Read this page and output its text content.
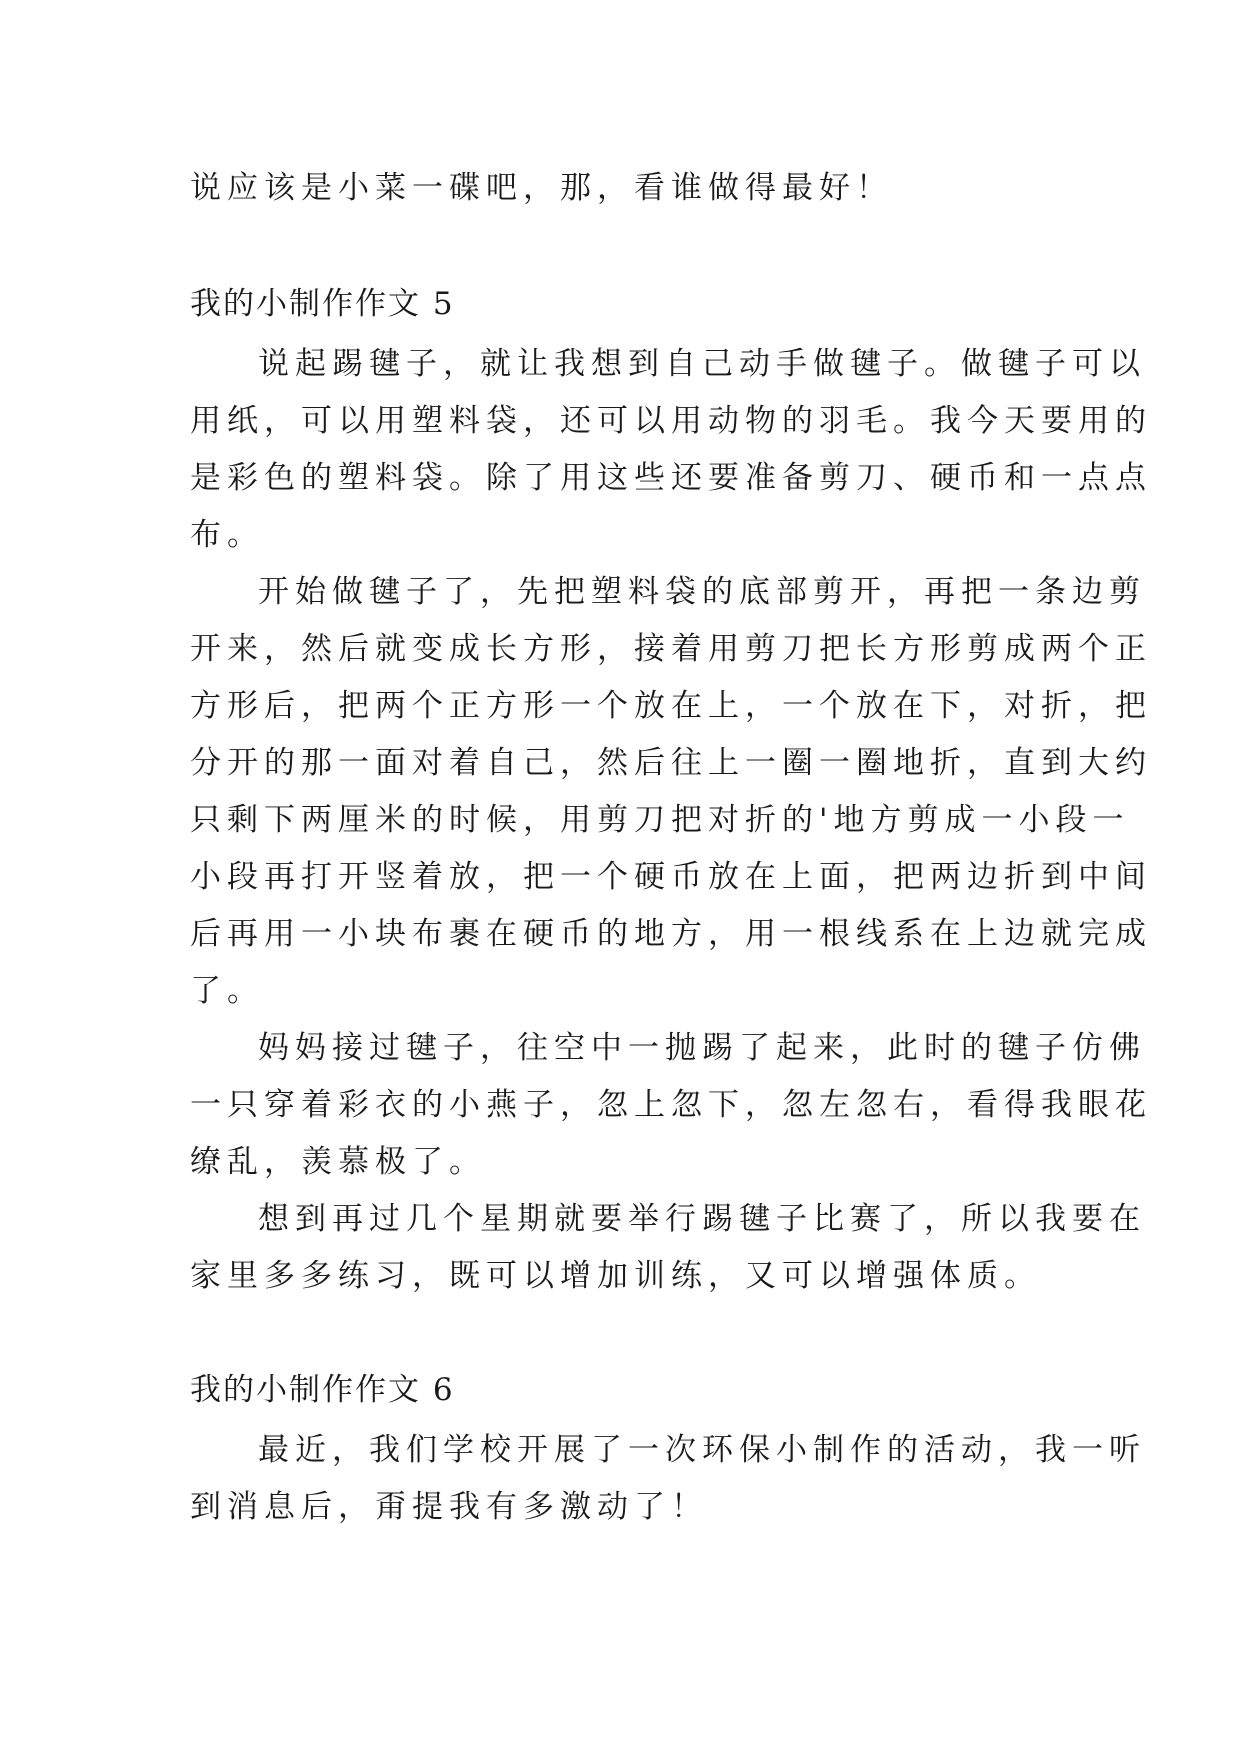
说应该是小菜一碟吧，那，看谁做得最好！

我的小制作作文 5

说起踢毽子，就让我想到自己动手做毽子。做毽子可以

用纸，可以用塑料袋，还可以用动物的羽毛。我今天要用的

是彩色的塑料袋。除了用这些还要准备剪刀、硬币和一点点

布。

开始做毽子了，先把塑料袋的底部剪开，再把一条边剪

开来，然后就变成长方形，接着用剪刀把长方形剪成两个正

方形后，把两个正方形一个放在上，一个放在下，对折，把

分开的那一面对着自己，然后往上一圈一圈地折，直到大约

只剩下两厘米的时候，用剪刀把对折的'地方剪成一小段一

小段再打开竖着放，把一个硬币放在上面，把两边折到中间

后再用一小块布裹在硬币的地方，用一根线系在上边就完成

了。

妈妈接过毽子，往空中一抛踢了起来，此时的毽子仿佛

一只穿着彩衣的小燕子，忽上忽下，忽左忽右，看得我眼花

缭乱，羡慕极了。

想到再过几个星期就要举行踢毽子比赛了，所以我要在

家里多多练习，既可以增加训练，又可以增强体质。

我的小制作作文 6

最近，我们学校开展了一次环保小制作的活动，我一听

到消息后，甭提我有多激动了！
